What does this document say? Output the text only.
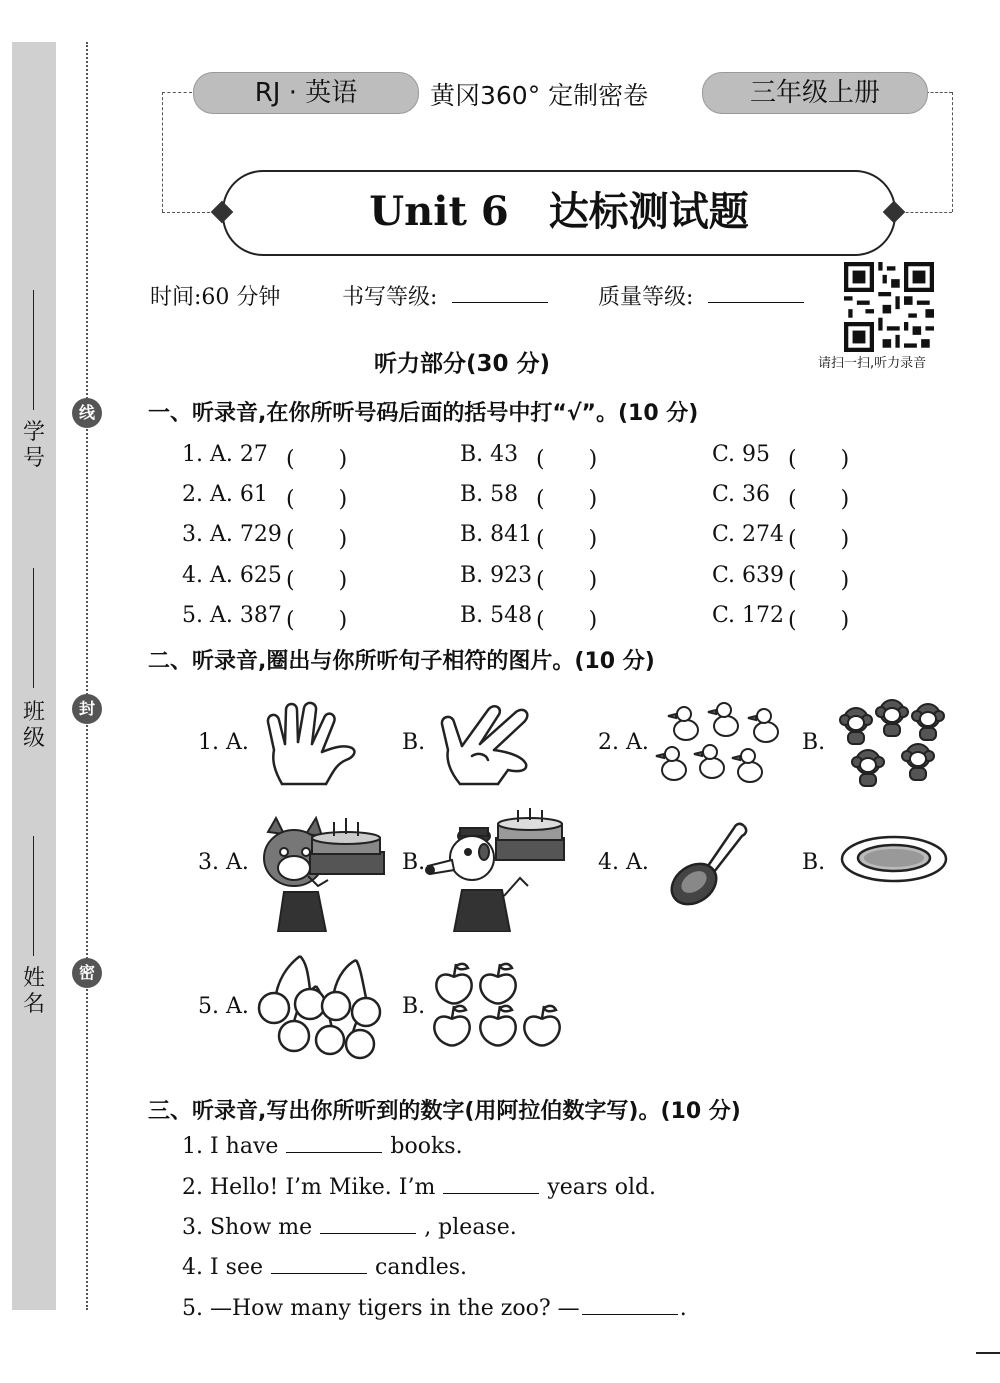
学
号
班
级
姓
名
线
封
密
RJ · 英语	黄冈360° 定制密卷	三年级上册
Unit 6　达标测试题
时间:60 分钟	书写等级:	质量等级:
请扫一扫,听力录音
听力部分(30 分)
一、听录音,在你所听号码后面的括号中打“√”。(10 分)
1. A. 27 (　　)	B. 43 (　　)	C. 95 (　　)
2. A. 61 (　　)	B. 58 (　　)	C. 36 (　　)
3. A. 729 (　　)	B. 841 (　　)	C. 274 (　　)
4. A. 625 (　　)	B. 923 (　　)	C. 639 (　　)
5. A. 387 (　　)	B. 548 (　　)	C. 172 (　　)
二、听录音,圈出与你所听句子相符的图片。(10 分)
1. A.	B.	2. A.	B.
3. A.	B.	4. A.	B.
5. A.	B.
三、听录音,写出你所听到的数字(用阿拉伯数字写)。(10 分)
1. I have	books.
2. Hello! I’m Mike. I’m	years old.
3. Show me	, please.
4. I see	candles.
5. —How many tigers in the zoo? —	.
